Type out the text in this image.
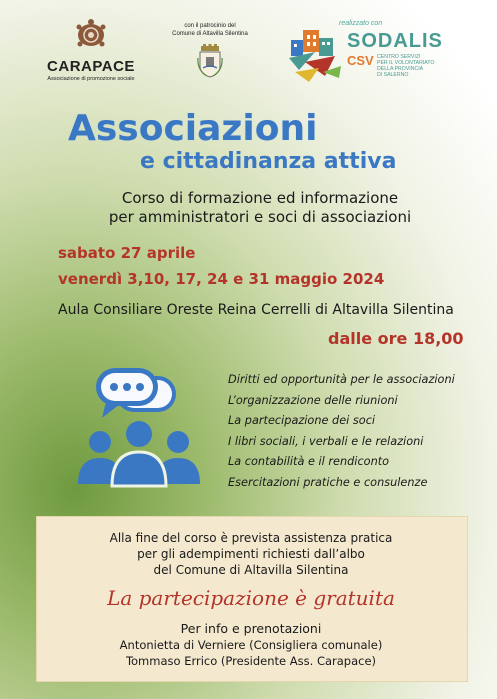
CARAPACE
Associazione di promozione sociale
con il patrocinio del
Comune di Altavilla Silentina
realizzato con
SODALIS
CSV CENTRO SERVIZI
PER IL VOLONTARIATO
DELLA PROVINCIA
DI SALERNO
Associazioni
e cittadinanza attiva
Corso di formazione ed informazione
per amministratori e soci di associazioni
sabato 27 aprile
venerdì 3,10, 17, 24 e 31 maggio 2024
Aula Consiliare Oreste Reina Cerrelli di Altavilla Silentina
dalle ore 18,00
Diritti ed opportunità per le associazioni
L’organizzazione delle riunioni
La partecipazione dei soci
I libri sociali, i verbali e le relazioni
La contabilità e il rendiconto
Esercitazioni pratiche e consulenze
Alla fine del corso è prevista assistenza pratica
per gli adempimenti richiesti dall’albo
del Comune di Altavilla Silentina
La partecipazione è gratuita
Per info e prenotazioni
Antonietta di Verniere (Consigliera comunale)
Tommaso Errico (Presidente Ass. Carapace)
